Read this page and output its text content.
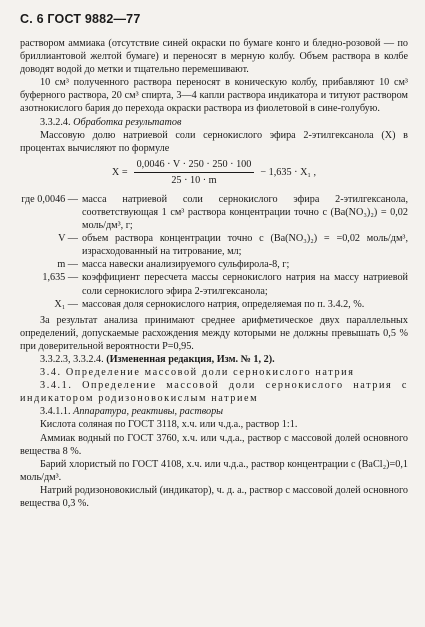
С. 6 ГОСТ 9882—77

раствором аммиака (отсутствие синей окраски по бумаге конго и бледно-розовой — по бриллиантовой желтой бумаге) и переносят в мерную колбу. Объем раствора в колбе доводят водой до метки и тщательно перемешивают.

10 см³ полученного раствора переносят в коническую колбу, прибавляют 10 см³ буферного раствора, 20 см³ спирта, 3—4 капли раствора индикатора и титуют раствором азотнокислого бария до перехода окраски раствора из фиолетовой в сине-голубую.

3.3.2.4. Обработка результатов

Массовую долю натриевой соли сернокислого эфира 2-этилгексанола (X) в процентах вычисляют по формуле

$X = \frac{0,0046 \cdot V \cdot 250 \cdot 250 \cdot 100}{25 \cdot 10 \cdot m} - 1,635 \cdot X_1$ ,
где 0,0046 — масса натриевой соли сернокислого эфира 2-этилгексанола, соответствующая 1 см³ раствора концентрации точно c (Ba(NO₃)₂) = 0,02 моль/дм³, г;
V — объем раствора концентрации точно c (Ba(NO₃)₂) = =0,02 моль/дм³, израсходованный на титрование, мл;
m — масса навески анализируемого сульфирола-8, г;
1,635 — коэффициент пересчета массы сернокислого натрия на массу натриевой соли сернокислого эфира 2-этилгексанола;
X₁ — массовая доля сернокислого натрия, определяемая по п. 3.4.2, %.

За результат анализа принимают среднее арифметическое двух параллельных определений, допускаемые расхождения между которыми не должны превышать 0,5 % при доверительной вероятности P=0,95.

3.3.2.3, 3.3.2.4. (Измененная редакция, Изм. № 1, 2).

3.4. Определение массовой доли сернокислого натрия

3.4.1. Определение массовой доли сернокислого натрия с индикатором родизоновокислым натрием

3.4.1.1. Аппаратура, реактивы, растворы

Кислота соляная по ГОСТ 3118, х.ч. или ч.д.а., раствор 1:1.

Аммиак водный по ГОСТ 3760, х.ч. или ч.д.а., раствор с массовой долей основного вещества 8 %.

Барий хлористый по ГОСТ 4108, х.ч. или ч.д.а., раствор концентрации c (BaCl₂)=0,1 моль/дм³.

Натрий родизоновокислый (индикатор), ч. д. а., раствор с массовой долей основного вещества 0,3 %.
